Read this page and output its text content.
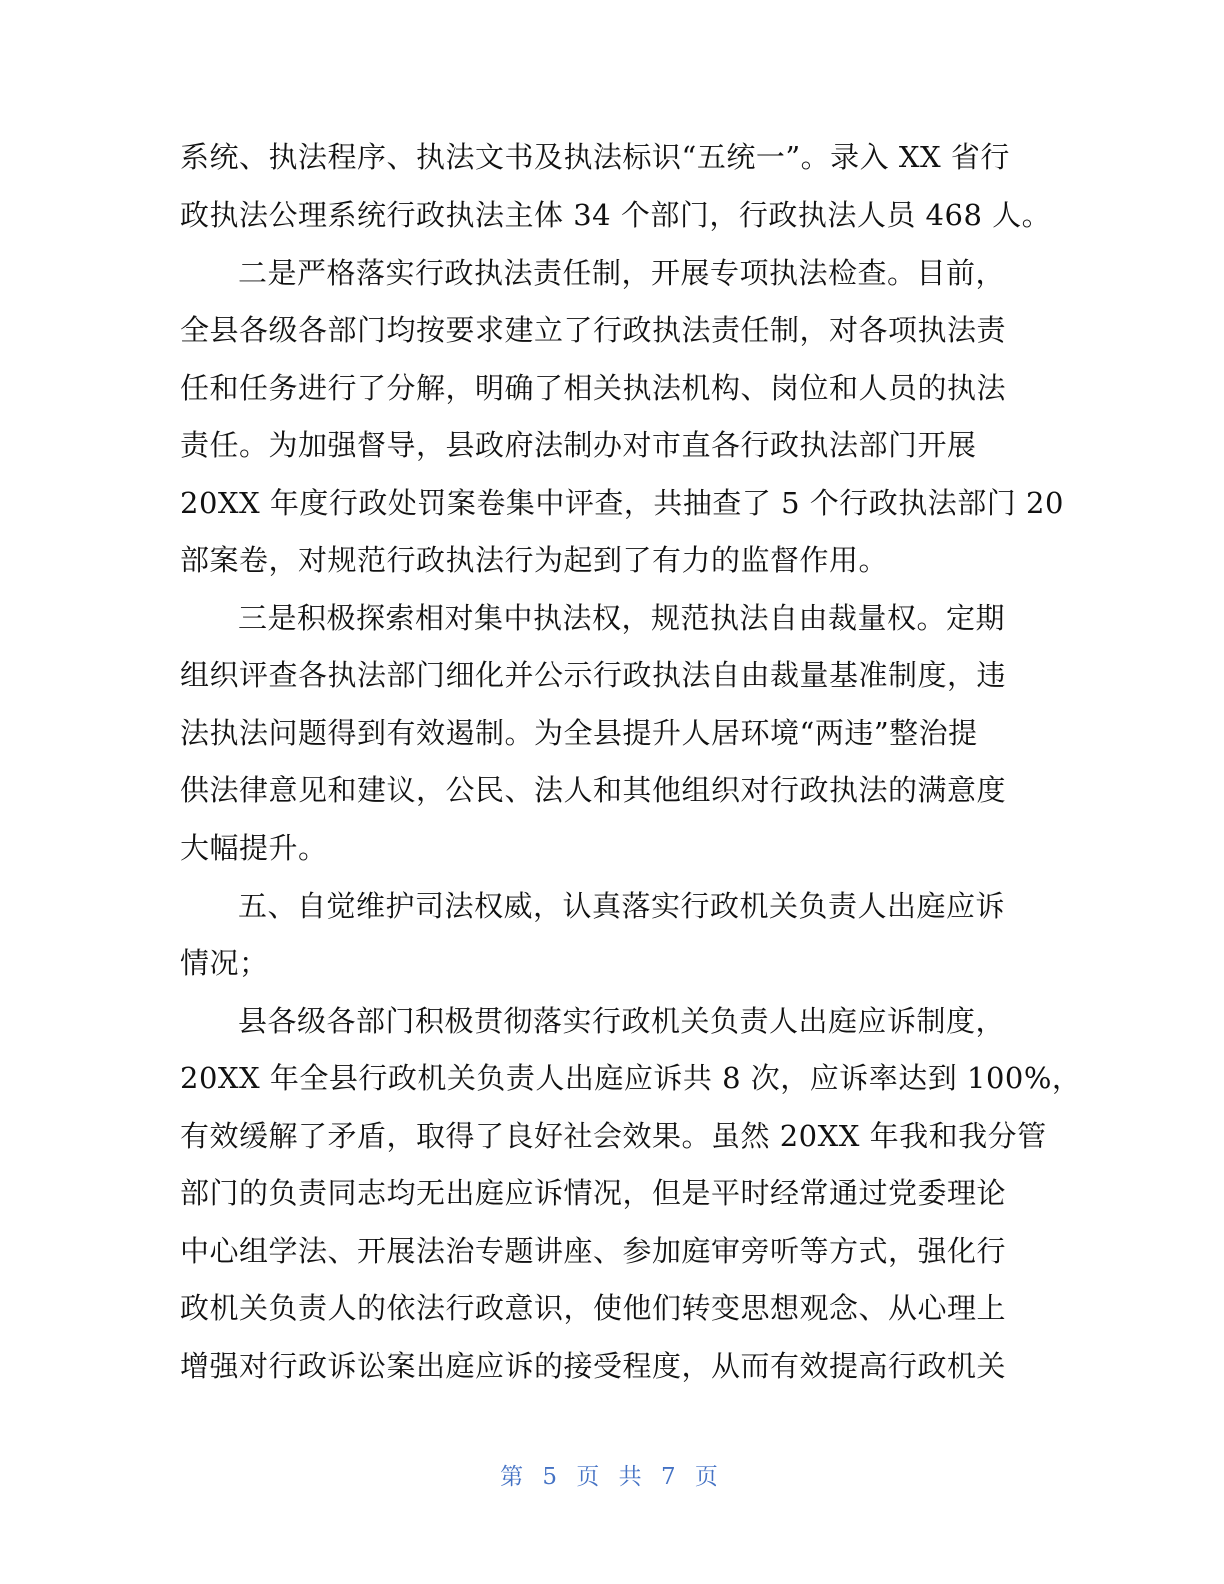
系统、执法程序、执法文书及执法标识“五统一”。录入 XX 省行
政执法公理系统行政执法主体 34 个部门，行政执法人员 468 人。
二是严格落实行政执法责任制，开展专项执法检查。目前，
全县各级各部门均按要求建立了行政执法责任制，对各项执法责
任和任务进行了分解，明确了相关执法机构、岗位和人员的执法
责任。为加强督导，县政府法制办对市直各行政执法部门开展
20XX 年度行政处罚案卷集中评查，共抽查了 5 个行政执法部门 20
部案卷，对规范行政执法行为起到了有力的监督作用。
三是积极探索相对集中执法权，规范执法自由裁量权。定期
组织评查各执法部门细化并公示行政执法自由裁量基准制度，违
法执法问题得到有效遏制。为全县提升人居环境“两违”整治提
供法律意见和建议，公民、法人和其他组织对行政执法的满意度
大幅提升。
五、自觉维护司法权威，认真落实行政机关负责人出庭应诉
情况；
县各级各部门积极贯彻落实行政机关负责人出庭应诉制度，
20XX 年全县行政机关负责人出庭应诉共 8 次，应诉率达到 100%，
有效缓解了矛盾，取得了良好社会效果。虽然 20XX 年我和我分管
部门的负责同志均无出庭应诉情况，但是平时经常通过党委理论
中心组学法、开展法治专题讲座、参加庭审旁听等方式，强化行
政机关负责人的依法行政意识，使他们转变思想观念、从心理上
增强对行政诉讼案出庭应诉的接受程度，从而有效提高行政机关
第 5 页 共 7 页
